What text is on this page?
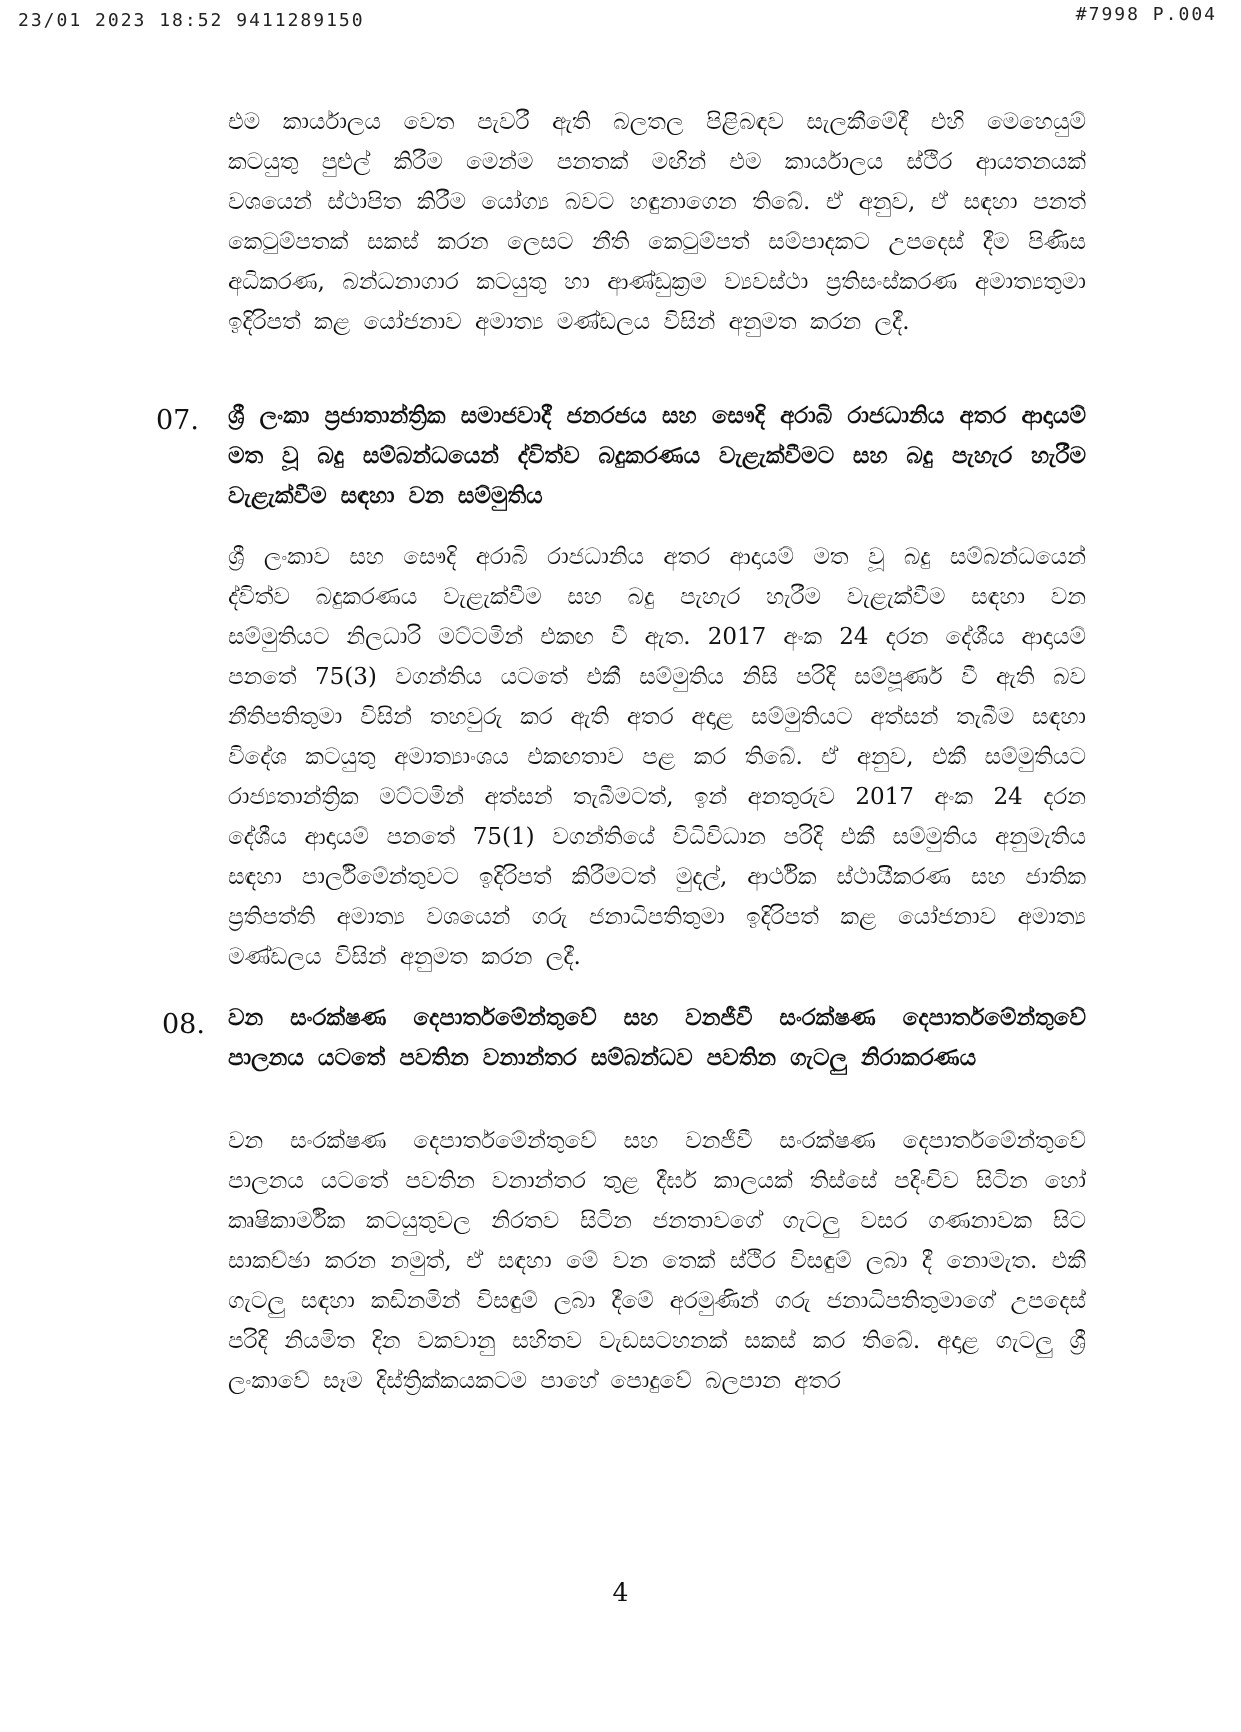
23/01 2023 18:52 9411289150	#7998 P.004

එම කාර්යාලය වෙත පැවරී ඇති බලතල පිළිබඳව සැලකීමේදී එහි මෙහෙයුම් කටයුතු පුළුල් කිරීම මෙන්ම පනතක් මඟින් එම කාර්යාලය ස්ථිර ආයතනයක් වශයෙන් ස්ථාපිත කිරීම යෝග්‍ය බවට හඳුනාගෙන තිබේ. ඒ අනුව, ඒ සඳහා පනත් කෙටුම්පතක් සකස් කරන ලෙසට නීති කෙටුම්පත් සම්පාදකට උපදෙස් දීම පිණිස අධිකරණ, බන්ධනාගාර කටයුතු හා ආණ්ඩුක්‍රම ව්‍යවස්ථා ප්‍රතිසංස්කරණ අමාත්‍යතුමා ඉදිරිපත් කළ යෝජනාව අමාත්‍ය මණ්ඩලය විසින් අනුමත කරන ලදී.

07. ශ්‍රී ලංකා ප්‍රජාතාන්ත්‍රික සමාජවාදී ජනරජය සහ සෞදි අරාබි රාජධානිය අතර ආදායම් මත වූ බදු සම්බන්ධයෙන් ද්විත්ව බදුකරණය වැළැක්වීමට සහ බදු පැහැර හැරීම වැළැක්වීම සඳහා වන සම්මුතිය

ශ්‍රී ලංකාව සහ සෞදි අරාබි රාජධානිය අතර ආදායම් මත වූ බදු සම්බන්ධයෙන් ද්විත්ව බදුකරණය වැළැක්වීම සහ බදු පැහැර හැරීම වැළැක්වීම සඳහා වන සම්මුතියට නිලධාරි මට්ටමින් එකඟ වී ඇත. 2017 අංක 24 දරන දේශීය ආදායම් පනතේ 75(3) වගන්තිය යටතේ එකී සම්මුතිය නිසි පරිදි සම්පූර්ණ වී ඇති බව නීතිපතිතුමා විසින් තහවුරු කර ඇති අතර අදාළ සම්මුතියට අත්සන් තැබීම සඳහා විදේශ කටයුතු අමාත්‍යාංශය එකඟතාව පළ කර තිබේ. ඒ අනුව, එකී සම්මුතියට රාජ්‍යතාන්ත්‍රික මට්ටමින් අත්සන් තැබීමටත්, ඉන් අනතුරුව 2017 අංක 24 දරන දේශීය ආදායම් පනතේ 75(1) වගන්තියේ විධිවිධාන පරිදි එකී සම්මුතිය අනුමැතිය සඳහා පාර්ලිමේන්තුවට ඉදිරිපත් කිරීමටත් මුදල්, ආර්ථික ස්ථායීකරණ සහ ජාතික ප්‍රතිපත්ති අමාත්‍ය වශයෙන් ගරු ජනාධිපතිතුමා ඉදිරිපත් කළ යෝජනාව අමාත්‍ය මණ්ඩලය විසින් අනුමත කරන ලදී.

08. වන සංරක්ෂණ දෙපාර්තමේන්තුවේ සහ වනජීවී සංරක්ෂණ දෙපාර්තමේන්තුවේ පාලනය යටතේ පවතින වනාන්තර සම්බන්ධව පවතින ගැටලු නිරාකරණය

වන සංරක්ෂණ දෙපාර්තමේන්තුවේ සහ වනජීවී සංරක්ෂණ දෙපාර්තමේන්තුවේ පාලනය යටතේ පවතින වනාන්තර තුළ දීර්ඝ කාලයක් තිස්සේ පදිංචිව සිටින හෝ කෘෂිකාර්මික කටයුතුවල නිරතව සිටින ජනතාවගේ ගැටලු වසර ගණනාවක සිට සාකච්ඡා කරන නමුත්, ඒ සඳහා මේ වන තෙක් ස්ථිර විසඳුම් ලබා දී නොමැත. එකී ගැටලු සඳහා කඩිනමින් විසඳුම් ලබා දීමේ අරමුණින් ගරු ජනාධිපතිතුමාගේ උපදෙස් පරිදි නියමිත දින වකවානු සහිතව වැඩසටහනක් සකස් කර තිබේ. අදාළ ගැටලු ශ්‍රී ලංකාවේ සෑම දිස්ත්‍රික්කයකටම පාහේ පොදුවේ බලපාන අතර

4
